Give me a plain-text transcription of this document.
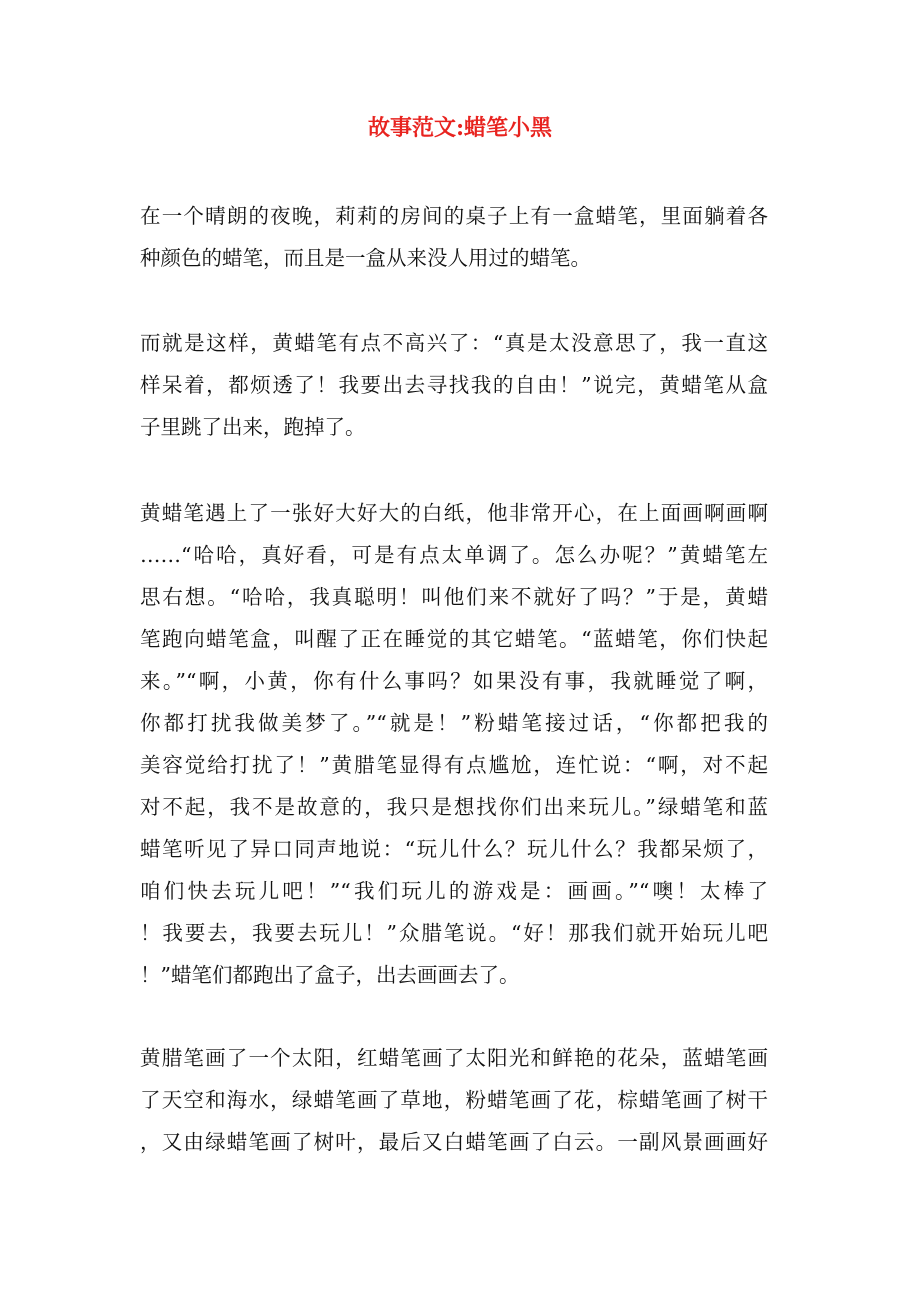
故事范文:蜡笔小黑
在一个晴朗的夜晚，莉莉的房间的桌子上有一盒蜡笔，里面躺着各
种颜色的蜡笔，而且是一盒从来没人用过的蜡笔。
而就是这样，黄蜡笔有点不高兴了：“真是太没意思了，我一直这
样呆着，都烦透了！我要出去寻找我的自由！”说完，黄蜡笔从盒
子里跳了出来，跑掉了。
黄蜡笔遇上了一张好大好大的白纸，他非常开心，在上面画啊画啊
……“哈哈，真好看，可是有点太单调了。怎么办呢？”黄蜡笔左
思右想。“哈哈，我真聪明！叫他们来不就好了吗？”于是，黄蜡
笔跑向蜡笔盒，叫醒了正在睡觉的其它蜡笔。“蓝蜡笔，你们快起
来。”“啊，小黄，你有什么事吗？如果没有事，我就睡觉了啊，
你都打扰我做美梦了。”“就是！”粉蜡笔接过话，“你都把我的
美容觉给打扰了！”黄腊笔显得有点尴尬，连忙说：“啊，对不起
对不起，我不是故意的，我只是想找你们出来玩儿。”绿蜡笔和蓝
蜡笔听见了异口同声地说：“玩儿什么？玩儿什么？我都呆烦了，
咱们快去玩儿吧！”“我们玩儿的游戏是：画画。”“噢！太棒了
！我要去，我要去玩儿！”众腊笔说。“好！那我们就开始玩儿吧
！”蜡笔们都跑出了盒子，出去画画去了。
黄腊笔画了一个太阳，红蜡笔画了太阳光和鲜艳的花朵，蓝蜡笔画
了天空和海水，绿蜡笔画了草地，粉蜡笔画了花，棕蜡笔画了树干
，又由绿蜡笔画了树叶，最后又白蜡笔画了白云。一副风景画画好
